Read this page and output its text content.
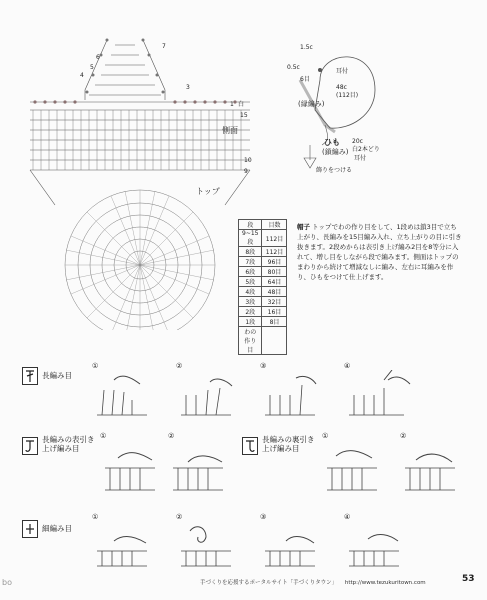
側面
トップ
1 白
15
10
9
6
5
4
3
7	1.5c
0.5c
6目
耳付
48c
(112目)
(縁編み)
ひも
(鎖編み)
20c
白2本どり
耳付
飾りをつける
段	目数
9~15段	112目
8段	112目
7段	96目
6段	80目
5段	64目
4段	48目
3段	32目
2段	16目
1段	8目
わの作り目	
帽子 トップでわの作り目をして、1段めは鎖3目で立ち上がり、長編みを15目編み入れ、立ち上がりの目に引き抜きます。2段めからは表引き上げ編み2目を8等分に入れて、増し目をしながら段で編みます。側面はトップのまわりから続けて増減なしに編み、左右に耳編みを作り、ひもをつけて仕上げます。
長編み目
①	②	③	④
長編みの表引き上げ編み目
①	②	長編みの裏引き上げ編み目
①	②
細編み目
①	②	③	④
bo	手づくりを応援するポータルサイト「手づくりタウン」 http://www.tezukuritown.com	53
